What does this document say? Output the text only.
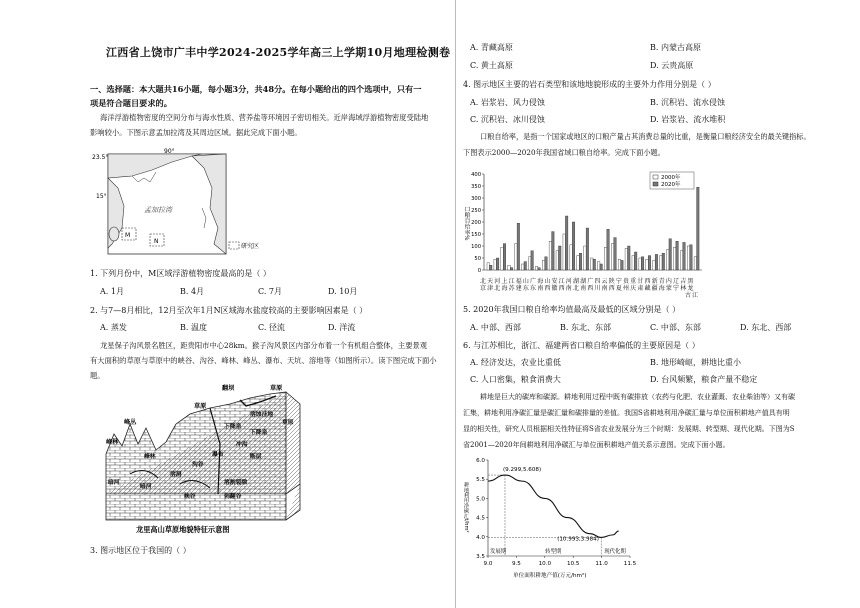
江西省上饶市广丰中学2024-2025学年高三上学期10月地理检测卷
一、选择题：本大题共16小题，每小题3分，共48分。在每小题给出的四个选项中，只有一
项是符合题目要求的。
海洋浮游植物密度的空间分布与海水性质、营养盐等环境因子密切相关。近岸海域浮游植物密度受陆地
影响较小。下图示意孟加拉湾及其周边区域。据此完成下面小题。
23.5°
15°
90°
孟加拉湾
M
N
研究区
1. 下列月份中，M区域浮游植物密度最高的是（ ）
A. 1月	B. 4月	C. 7月	D. 10月
2. 与7—8月相比，12月至次年1月N区域海水盐度较高的主要影响因素是（ ）
A. 蒸发	B. 温度	C. 径流	D. 洋流
龙星保子沟风景名胜区，距贵阳市中心28km。猴子沟风景区内部分布着一个有机组合整体，主要景观
有大面积的草原与草原中的峡谷、沟谷、峰林、峰丛、瀑布、天坑、溶地等（如图所示）。读下图完成下面小
题。
翻坝	草原
草原
峰丛
峰林
下降泉
下降泉
溶蚀洼地
冲沟
瀑布
沟谷
峰林
溶洞
暗河
断层
溶割裂隙
暗河
草原
刺翻谷
峡谷
龙里高山草原地貌特征示意图
3. 图示地区位于我国的（ ）
A. 青藏高原	B. 内蒙古高原
C. 黄土高原	D. 云贵高原
4. 图示地区主要的岩石类型和该地地貌形成的主要外力作用分别是（ ）
A. 岩浆岩、风力侵蚀	B. 沉积岩、流水侵蚀
C. 沉积岩、冰川侵蚀	D. 岩浆岩、流水堆积
口粮自给率，是指一个国家或地区的口粮产量占其消费总量的比重，是衡量口粮经济安全的最关键指标。
下图表示2000—2020年我国省域口粮自给率。完成下面小题。
0
50
100
150
200
250
300
350
400
口粮自给率%
2000年
2020年
北天河上江福山广海山安江河湖湖广四云陕宁贵重甘西新青内辽吉黑
京津北海苏建东东南西徽西南北南西川南西夏州庆肃藏疆海蒙宁林龙
古江
5. 2020年我国口粮自给率均值最高及最低的区域分别是（ ）
A. 中部、西部	B. 东北、东部	C. 中部、东部	D. 东北、西部
6. 与江苏相比，浙江、福建两省口粮自给率偏低的主要原因是（ ）
A. 经济发达，农业比重低	B. 地形崎岖，耕地比重小
C. 人口密集，粮食消费大	D. 台风频繁，粮食产量不稳定
耕地是巨大的碳库和碳源。耕地利用过程中既有碳排放（农药与化肥、农业灌溉、农业柴油等）又有碳
汇集，耕地利用净碳汇量是碳汇量和碳排量的差值。我国S省耕地利用净碳汇量与单位面积耕地产值具有明
显的相关性，研究人员根据相关性特征将S省农业发展分为三个时期：发展期、转型期、现代化期。下图为S
省2001—2020年间耕地利用净碳汇与单位面积耕地产值关系示意图。完成下面小题。
9.0	9.5	10.0	10.5	11.0	11.5
3.5
4.0
4.5
5.0
5.5
6.0
(9.299,5.608)
(10.993,3.984)
发展期	转型期	现代化期
耕地利用净碳汇t/hm²
单位面积耕地产值(万元/hm²)
